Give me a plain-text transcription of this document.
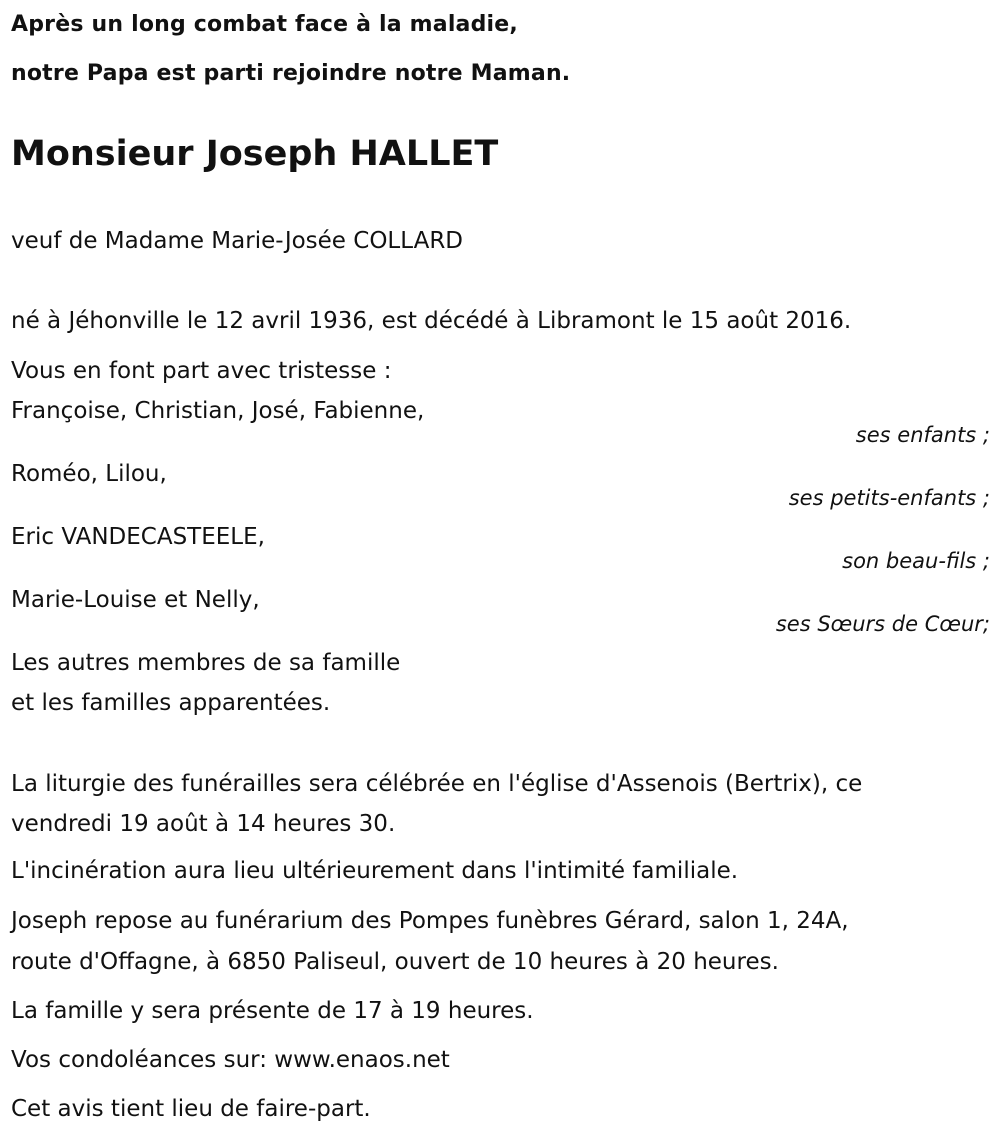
Après un long combat face à la maladie,
notre Papa est parti rejoindre notre Maman.
Monsieur Joseph HALLET
veuf de Madame Marie-Josée COLLARD
né à Jéhonville le 12 avril 1936, est décédé à Libramont le 15 août 2016.
Vous en font part avec tristesse :
Françoise, Christian, José, Fabienne,
ses enfants ;
Roméo, Lilou,
ses petits-enfants ;
Eric VANDECASTEELE,
son beau-fils ;
Marie-Louise et Nelly,
ses Sœurs de Cœur;
Les autres membres de sa famille
et les familles apparentées.
La liturgie des funérailles sera célébrée en l'église d'Assenois (Bertrix), ce
vendredi 19 août à 14 heures 30.
L'incinération aura lieu ultérieurement dans l'intimité familiale.
Joseph repose au funérarium des Pompes funèbres Gérard, salon 1, 24A,
route d'Offagne, à 6850 Paliseul, ouvert de 10 heures à 20 heures.
La famille y sera présente de 17 à 19 heures.
Vos condoléances sur: www.enaos.net
Cet avis tient lieu de faire-part.
